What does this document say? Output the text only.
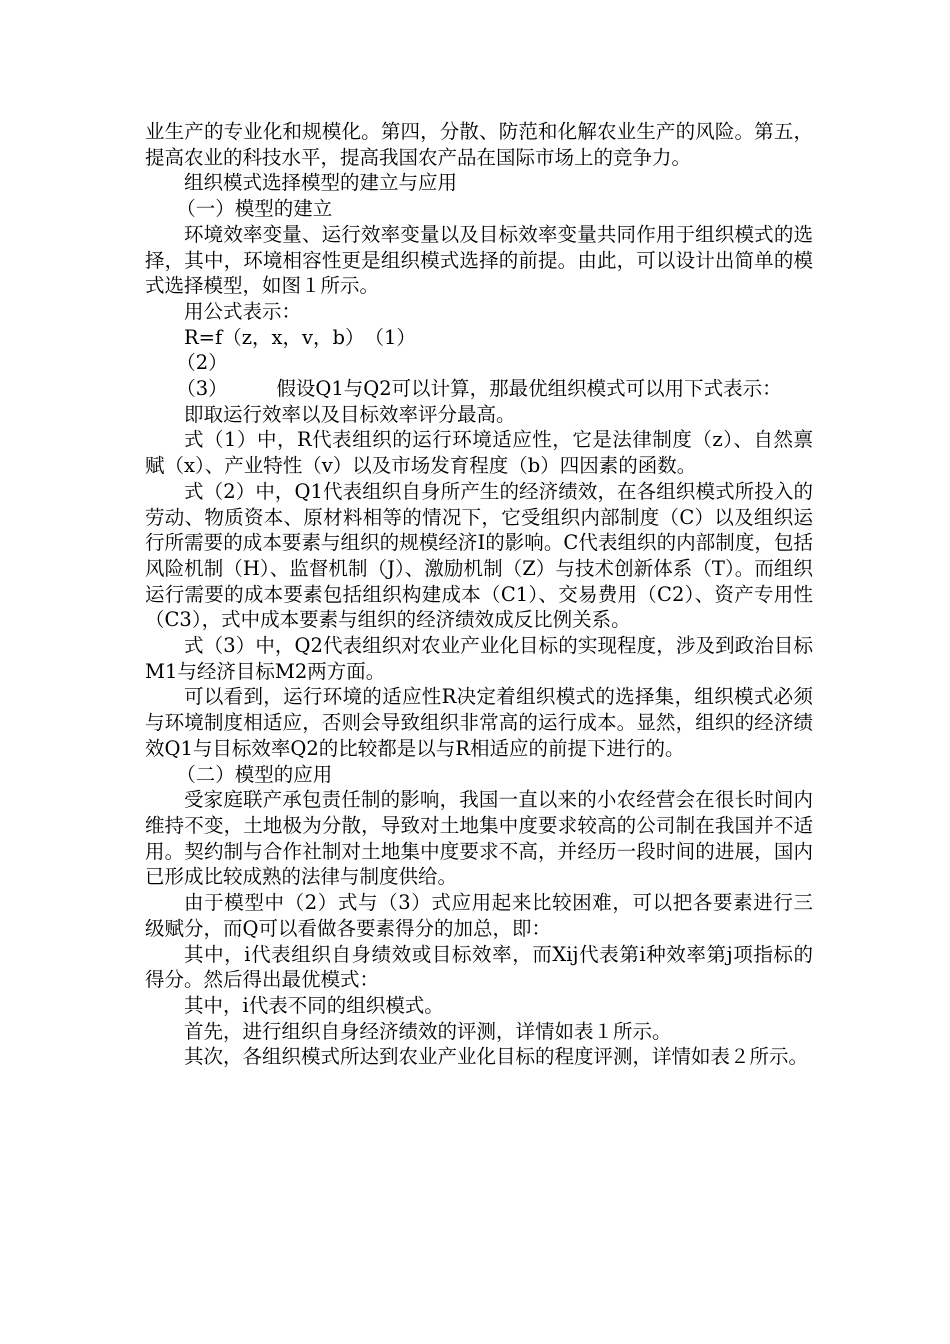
业生产的专业化和规模化。第四，分散、防范和化解农业生产的风险。第五，提高农业的科技水平，提高我国农产品在国际市场上的竞争力。

组织模式选择模型的建立与应用

（一）模型的建立

环境效率变量、运行效率变量以及目标效率变量共同作用于组织模式的选择，其中，环境相容性更是组织模式选择的前提。由此，可以设计出简单的模式选择模型，如图１所示。

用公式表示：

R=f（z，x，v，b）　（1）

（2）

（3）　　　假设Q1与Q2可以计算，那最优组织模式可以用下式表示：

即取运行效率以及目标效率评分最高。

式（1）中，R代表组织的运行环境适应性，它是法律制度（z）、自然禀赋（x）、产业特性（v）以及市场发育程度（b）四因素的函数。

式（2）中，Q1代表组织自身所产生的经济绩效，在各组织模式所投入的劳动、物质资本、原材料相等的情况下，它受组织内部制度（C）以及组织运行所需要的成本要素与组织的规模经济I的影响。C代表组织的内部制度，包括风险机制（H）、监督机制（J）、激励机制（Z）与技术创新体系（T）。而组织运行需要的成本要素包括组织构建成本（C1）、交易费用（C2）、资产专用性（C3），式中成本要素与组织的经济绩效成反比例关系。

式（3）中，Q2代表组织对农业产业化目标的实现程度，涉及到政治目标M1与经济目标M2两方面。

可以看到，运行环境的适应性R决定着组织模式的选择集，组织模式必须与环境制度相适应，否则会导致组织非常高的运行成本。显然，组织的经济绩效Q1与目标效率Q2的比较都是以与R相适应的前提下进行的。

（二）模型的应用

受家庭联产承包责任制的影响，我国一直以来的小农经营会在很长时间内维持不变，土地极为分散，导致对土地集中度要求较高的公司制在我国并不适用。契约制与合作社制对土地集中度要求不高，并经历一段时间的进展，国内已形成比较成熟的法律与制度供给。

由于模型中（2）式与（3）式应用起来比较困难，可以把各要素进行三级赋分，而Q可以看做各要素得分的加总，即：

其中，i代表组织自身绩效或目标效率，而Xij代表第i种效率第j项指标的得分。然后得出最优模式：

其中，i代表不同的组织模式。

首先，进行组织自身经济绩效的评测，详情如表１所示。

其次，各组织模式所达到农业产业化目标的程度评测，详情如表２所示。
